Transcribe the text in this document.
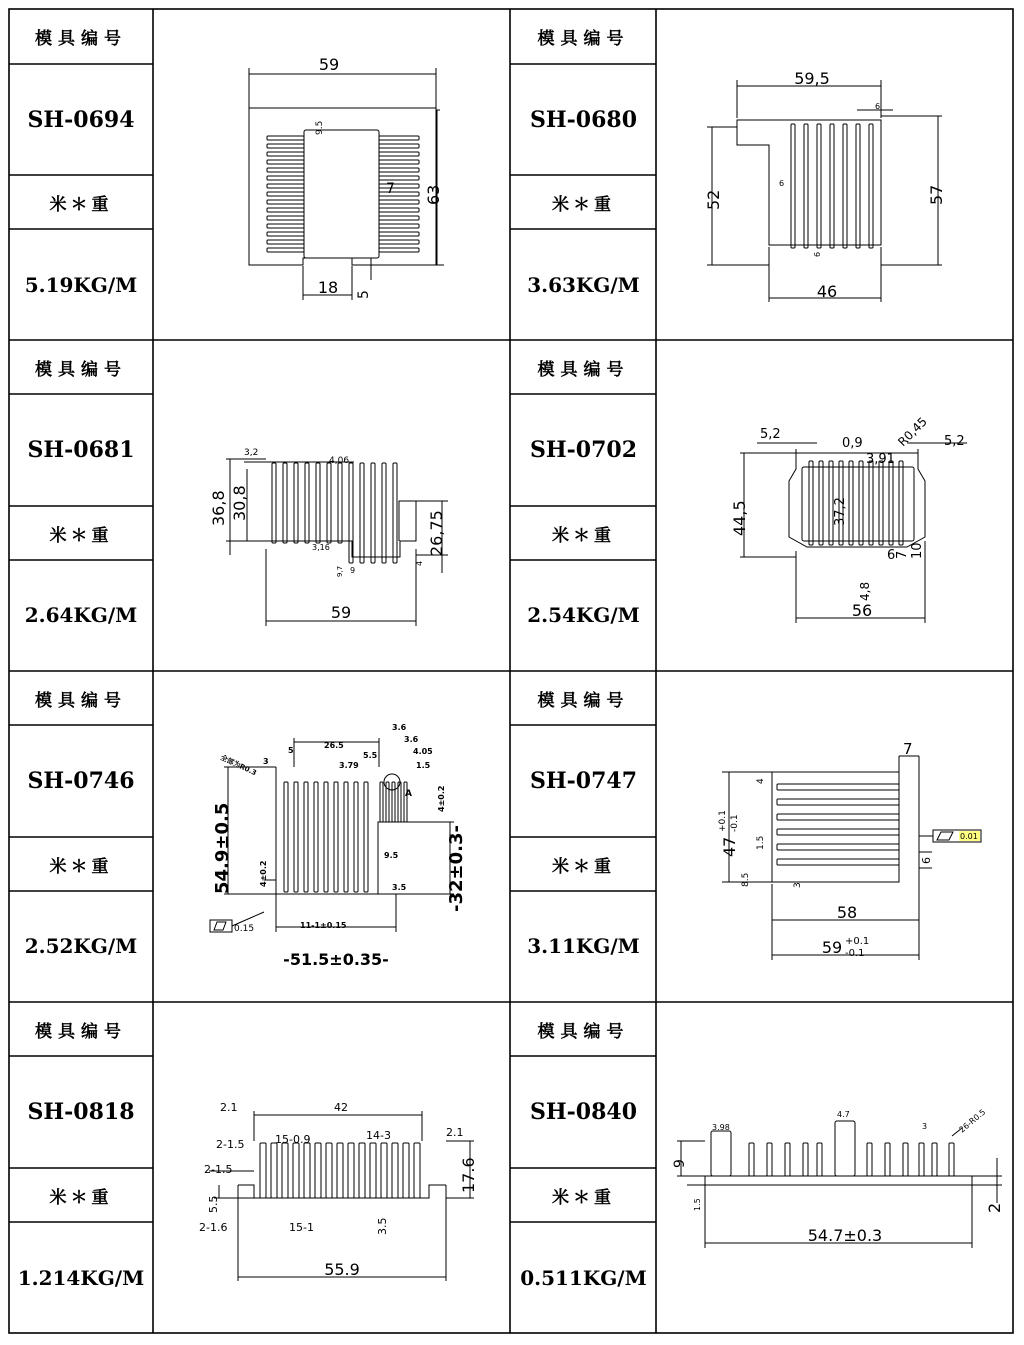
模具编号
SH-0694
米＊重
5.19KG/M
59
9.5
7 63
18 5
模具编号
SH-0680
米＊重
3.63KG/M
59,5
6
6
52	57
6
46
模具编号
SH-0681
米＊重
2.64KG/M
3,2
4,06
36,8 30,8
26,75
3,16
9,7 9
4
59
模具编号
SH-0702
米＊重
2.54KG/M
5,2
0,9
3,91
R0,45 5,2
44,5	37,2
6 7 10
4,8
56
模具编号
SH-0746
米＊重
2.52KG/M
3.6
26.5
5
3
全部为R0.3
3.6
5.5	4.05
3.79	1.5
A	4±0.2
54.9±0.5	9.5	-32±0.3-
4±0.2
3.5
0.15	11-1±0.15
-51.5±0.35-
模具编号
SH-0747
米＊重
3.11KG/M
7
4
47
+0.1 -0.1
1.5
8.5	3
6
58
59 +0.1
-0.1
0.01
模具编号
SH-0818
米＊重
1.214KG/M
2.1	42
2-1.5	15-0.9	14-3	2.1
2-1.5	17.6
5.5
2-1.6	15-1	3.5
55.9
模具编号
SH-0840
米＊重
0.511KG/M
3.98
4.7
3	26-R0.5
9
1.5	2
54.7±0.3
